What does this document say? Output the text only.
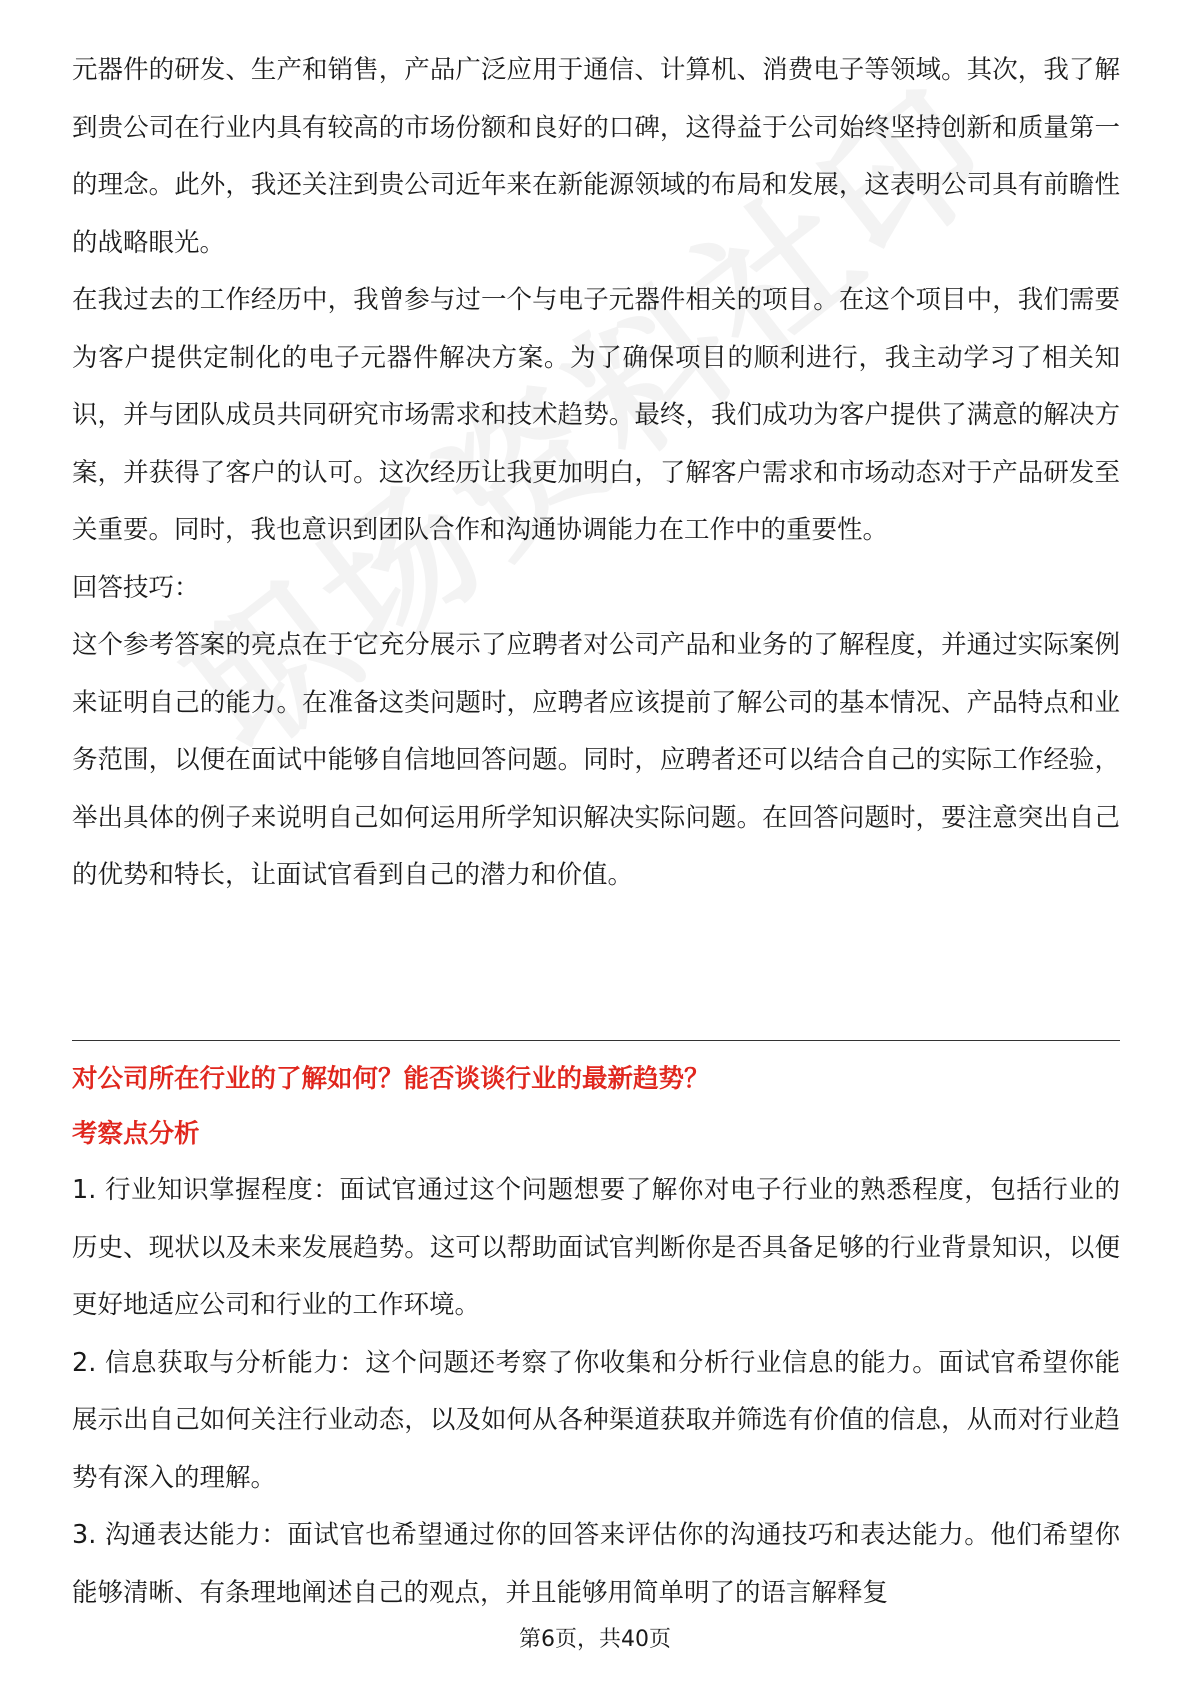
元器件的研发、生产和销售，产品广泛应用于通信、计算机、消费电子等领域。其次，我了解到贵公司在行业内具有较高的市场份额和良好的口碑，这得益于公司始终坚持创新和质量第一的理念。此外，我还关注到贵公司近年来在新能源领域的布局和发展，这表明公司具有前瞻性的战略眼光。

在我过去的工作经历中，我曾参与过一个与电子元器件相关的项目。在这个项目中，我们需要为客户提供定制化的电子元器件解决方案。为了确保项目的顺利进行，我主动学习了相关知识，并与团队成员共同研究市场需求和技术趋势。最终，我们成功为客户提供了满意的解决方案，并获得了客户的认可。这次经历让我更加明白，了解客户需求和市场动态对于产品研发至关重要。同时，我也意识到团队合作和沟通协调能力在工作中的重要性。

回答技巧：

这个参考答案的亮点在于它充分展示了应聘者对公司产品和业务的了解程度，并通过实际案例来证明自己的能力。在准备这类问题时，应聘者应该提前了解公司的基本情况、产品特点和业务范围，以便在面试中能够自信地回答问题。同时，应聘者还可以结合自己的实际工作经验，举出具体的例子来说明自己如何运用所学知识解决实际问题。在回答问题时，要注意突出自己的优势和特长，让面试官看到自己的潜力和价值。

对公司所在行业的了解如何？能否谈谈行业的最新趋势？

考察点分析

1. 行业知识掌握程度：面试官通过这个问题想要了解你对电子行业的熟悉程度，包括行业的历史、现状以及未来发展趋势。这可以帮助面试官判断你是否具备足够的行业背景知识，以便更好地适应公司和行业的工作环境。

2. 信息获取与分析能力：这个问题还考察了你收集和分析行业信息的能力。面试官希望你能展示出自己如何关注行业动态，以及如何从各种渠道获取并筛选有价值的信息，从而对行业趋势有深入的理解。

3. 沟通表达能力：面试官也希望通过你的回答来评估你的沟通技巧和表达能力。他们希望你能够清晰、有条理地阐述自己的观点，并且能够用简单明了的语言解释复

第6页，共40页
